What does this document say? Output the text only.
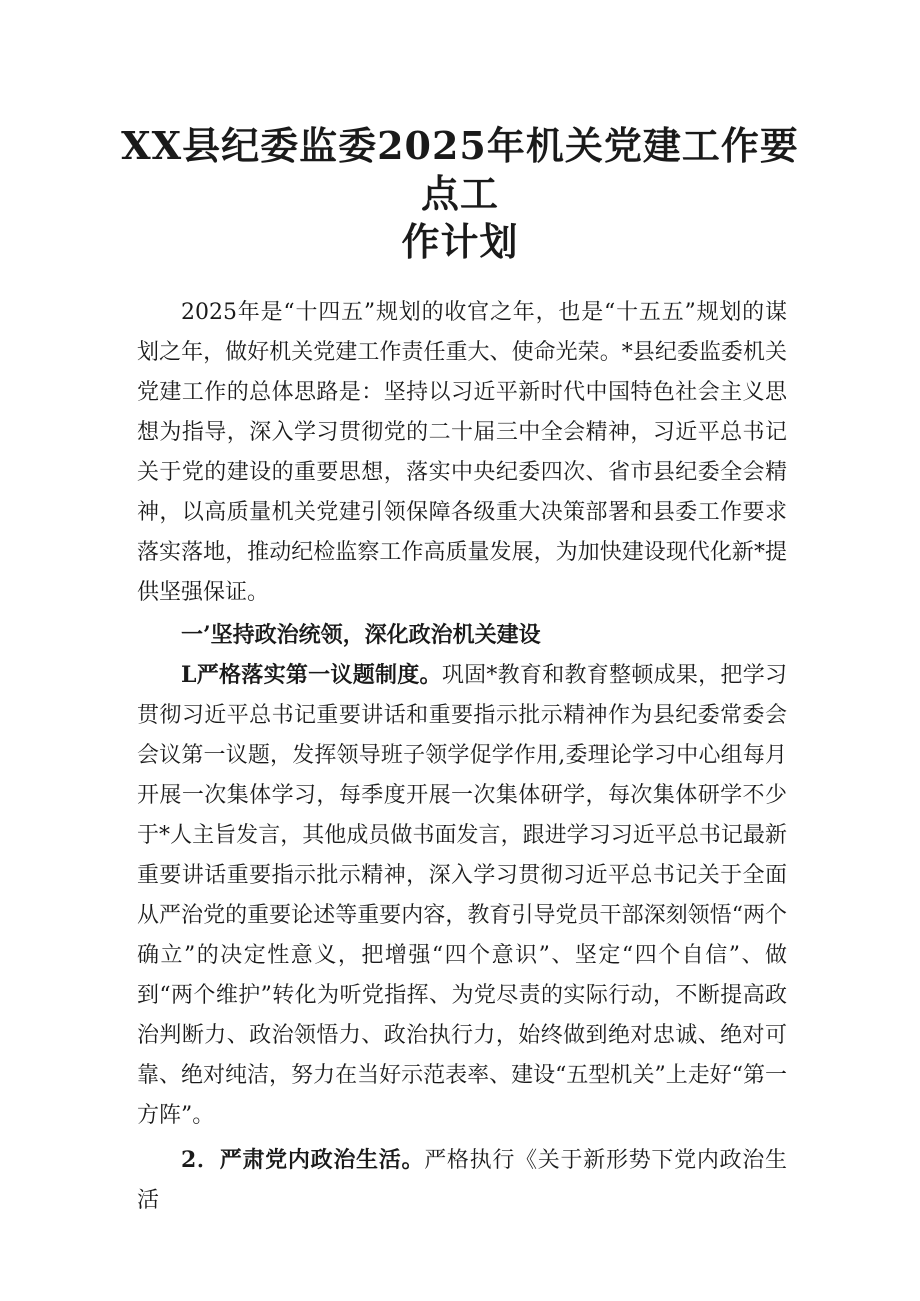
XX县纪委监委2025年机关党建工作要点工
作计划

2025年是“十四五”规划的收官之年，也是“十五五”规划的谋划之年，做好机关党建工作责任重大、使命光荣。*县纪委监委机关党建工作的总体思路是：坚持以习近平新时代中国特色社会主义思想为指导，深入学习贯彻党的二十届三中全会精神，习近平总书记关于党的建设的重要思想，落实中央纪委四次、省市县纪委全会精神，以高质量机关党建引领保障各级重大决策部署和县委工作要求落实落地，推动纪检监察工作高质量发展，为加快建设现代化新*提供坚强保证。

一’坚持政治统领，深化政治机关建设

L严格落实第一议题制度。巩固*教育和教育整顿成果，把学习贯彻习近平总书记重要讲话和重要指示批示精神作为县纪委常委会会议第一议题，发挥领导班子领学促学作用,委理论学习中心组每月开展一次集体学习，每季度开展一次集体研学，每次集体研学不少于*人主旨发言，其他成员做书面发言，跟进学习习近平总书记最新重要讲话重要指示批示精神，深入学习贯彻习近平总书记关于全面从严治党的重要论述等重要内容，教育引导党员干部深刻领悟“两个确立”的决定性意义，把增强“四个意识”、坚定“四个自信”、做到“两个维护”转化为听党指挥、为党尽责的实际行动，不断提高政治判断力、政治领悟力、政治执行力，始终做到绝对忠诚、绝对可靠、绝对纯洁，努力在当好示范表率、建设“五型机关”上走好“第一方阵”。

2．严肃党内政治生活。严格执行《关于新形势下党内政治生活
